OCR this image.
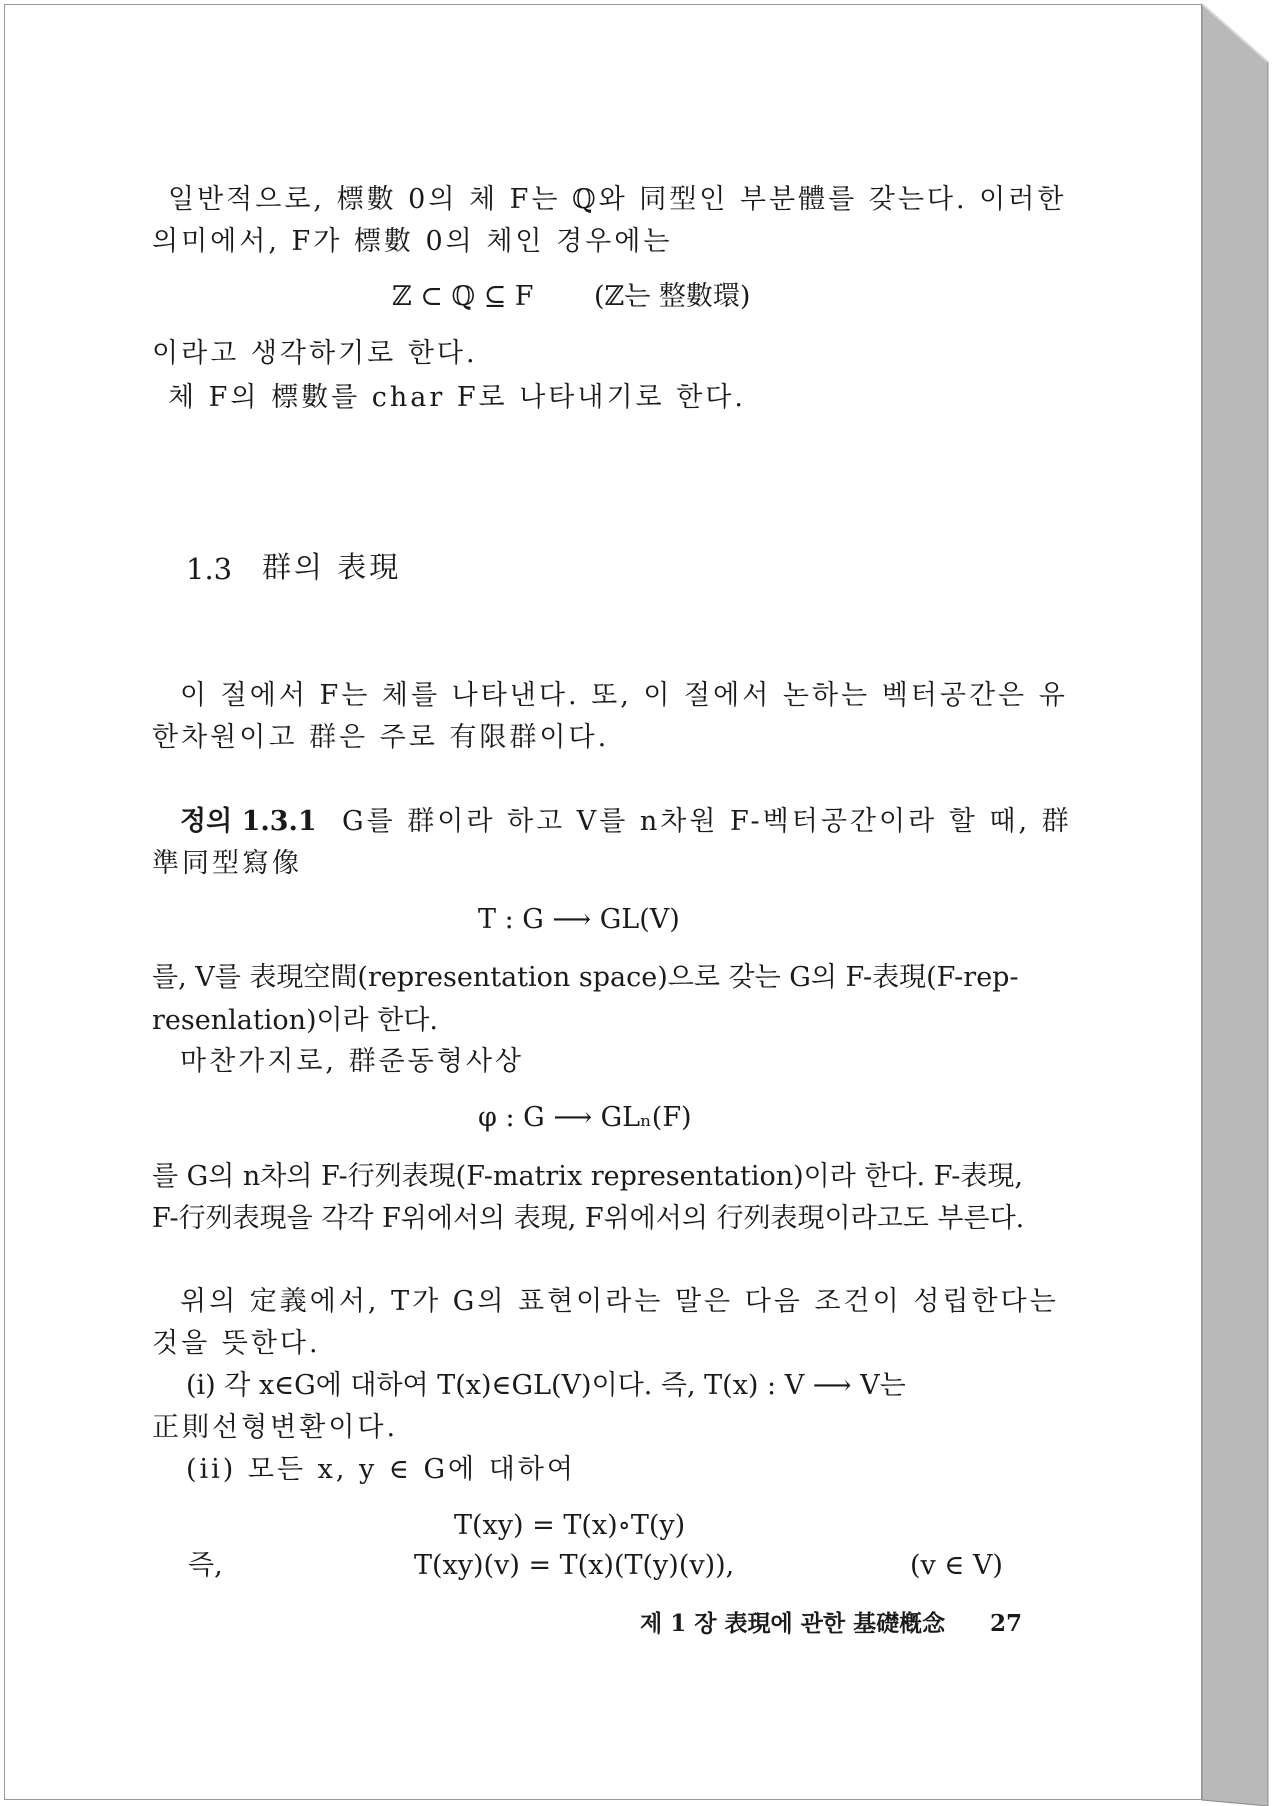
일반적으로, 標數 0의 체 F는 ℚ와 同型인 부분體를 갖는다. 이러한
의미에서, F가 標數 0의 체인 경우에는
ℤ ⊂ ℚ ⊆ F (ℤ는 整數環)
이라고 생각하기로 한다.
체 F의 標數를 char F로 나타내기로 한다.
1.3 群의 表現
이 절에서 F는 체를 나타낸다. 또, 이 절에서 논하는 벡터공간은 유
한차원이고 群은 주로 有限群이다.
정의 1.3.1 G를 群이라 하고 V를 n차원 F-벡터공간이라 할 때, 群
準同型寫像
T : G ⟶ GL(V)
를, V를 表現空間(representation space)으로 갖는 G의 F-表現(F-rep-
resenlation)이라 한다.
마찬가지로, 群준동형사상
φ : G ⟶ GLₙ(F)
를 G의 n차의 F-行列表現(F-matrix representation)이라 한다. F-表現,
F-行列表現을 각각 F위에서의 表現, F위에서의 行列表現이라고도 부른다.
위의 定義에서, T가 G의 표현이라는 말은 다음 조건이 성립한다는
것을 뜻한다.
(i) 각 x∈G에 대하여 T(x)∈GL(V)이다. 즉, T(x) : V ⟶ V는
正則선형변환이다.
(ii) 모든 x, y ∈ G에 대하여
T(xy) = T(x)∘T(y)
즉,	T(xy)(v) = T(x)(T(y)(v)),	(v ∈ V)
제 1 장 表現에 관한 基礎槪念 27
